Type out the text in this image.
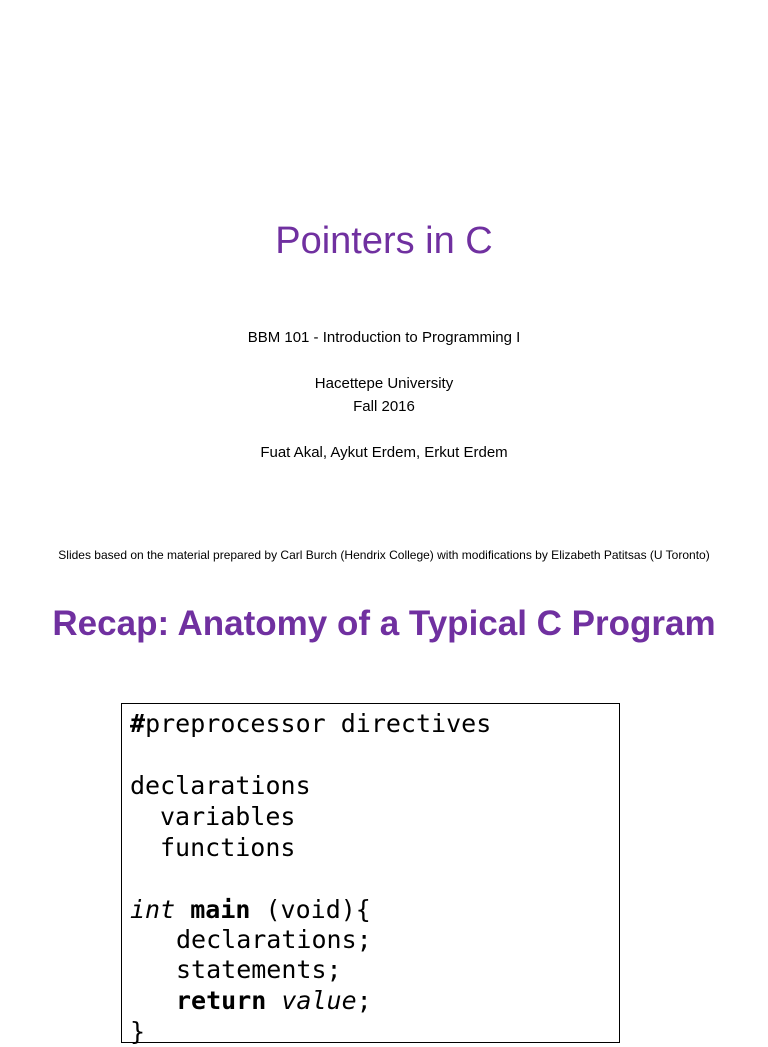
Pointers in C
BBM 101 - Introduction to Programming I
Hacettepe University
Fall 2016
Fuat Akal, Aykut Erdem, Erkut Erdem
Slides based on the material prepared by Carl Burch (Hendrix College) with modifications by Elizabeth Patitsas (U Toronto)
Recap: Anatomy of a Typical C Program
#preprocessor directives
declarations
variables
functions
int main (void){
declarations;
statements;
return value;
}
